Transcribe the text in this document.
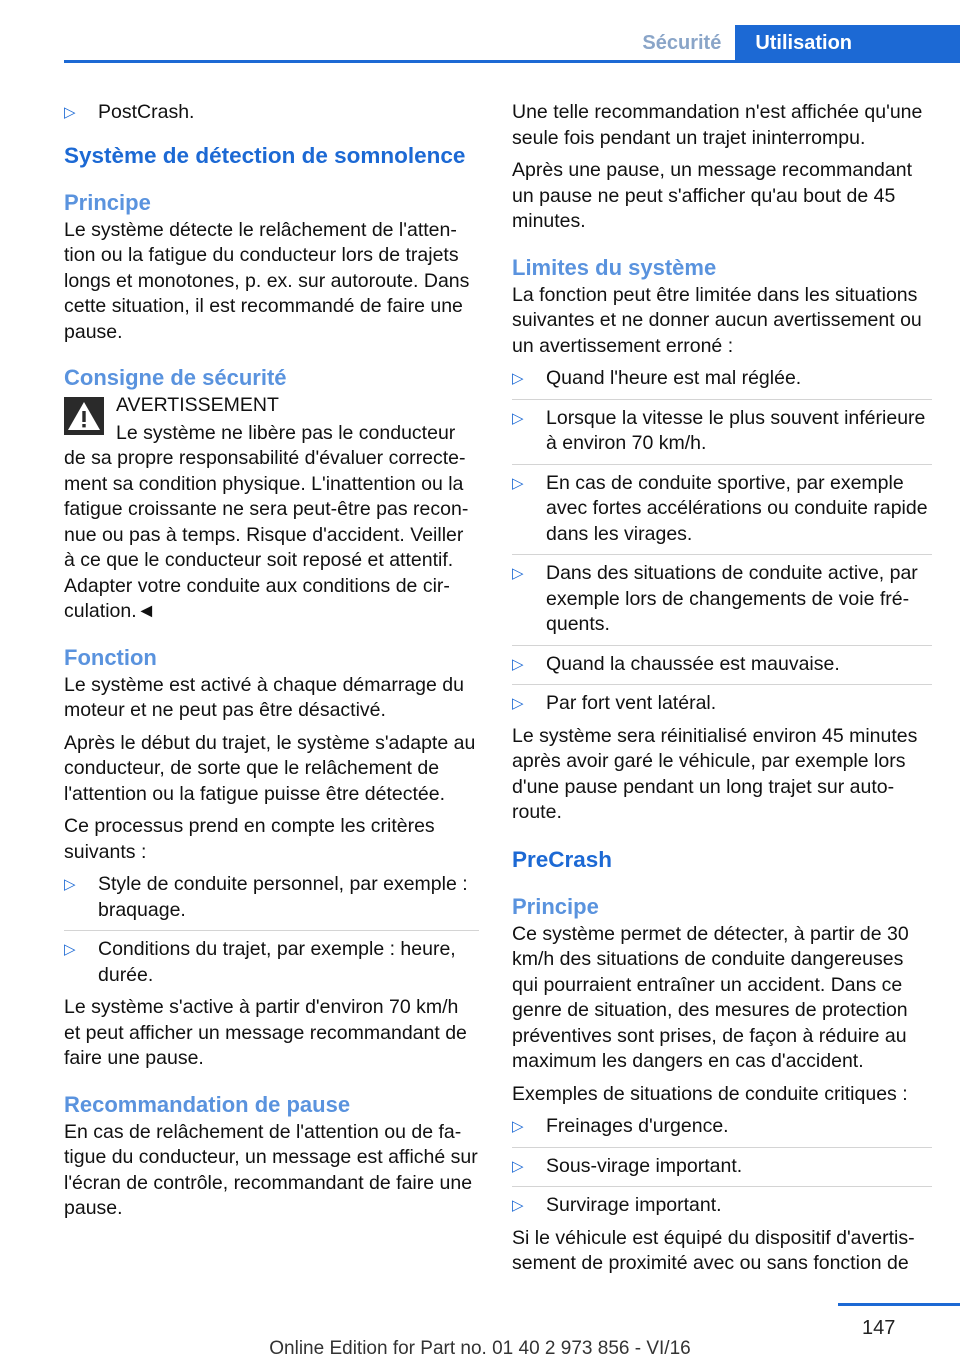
Sécurité	Utilisation
▷ PostCrash.
Système de détection de somnolence
Principe

Le système détecte le relâchement de l'attention ou la fatigue du conducteur lors de trajets longs et monotones, p. ex. sur autoroute. Dans cette situation, il est recommandé de faire une pause.

Consigne de sécurité

AVERTISSEMENT

Le système ne libère pas le conducteur de sa propre responsabilité d'évaluer correctement sa condition physique. L'inattention ou la fatigue croissante ne sera peut-être pas reconnue ou pas à temps. Risque d'accident. Veiller à ce que le conducteur soit reposé et attentif. Adapter votre conduite aux conditions de circulation.◄

Fonction

Le système est activé à chaque démarrage du moteur et ne peut pas être désactivé.

Après le début du trajet, le système s'adapte au conducteur, de sorte que le relâchement de l'attention ou la fatigue puisse être détectée.

Ce processus prend en compte les critères suivants :

▷ Style de conduite personnel, par exemple : braquage.
▷ Conditions du trajet, par exemple : heure, durée.

Le système s'active à partir d'environ 70 km/h et peut afficher un message recommandant de faire une pause.

Recommandation de pause

En cas de relâchement de l'attention ou de fatigue du conducteur, un message est affiché sur l'écran de contrôle, recommandant de faire une pause.

Une telle recommandation n'est affichée qu'une seule fois pendant un trajet ininterrompu.

Après une pause, un message recommandant un pause ne peut s'afficher qu'au bout de 45 minutes.

Limites du système

La fonction peut être limitée dans les situations suivantes et ne donner aucun avertissement ou un avertissement erroné :

▷ Quand l'heure est mal réglée.
▷ Lorsque la vitesse le plus souvent inférieure à environ 70 km/h.
▷ En cas de conduite sportive, par exemple avec fortes accélérations ou conduite rapide dans les virages.
▷ Dans des situations de conduite active, par exemple lors de changements de voie fréquents.
▷ Quand la chaussée est mauvaise.
▷ Par fort vent latéral.

Le système sera réinitialisé environ 45 minutes après avoir garé le véhicule, par exemple lors d'une pause pendant un long trajet sur autoroute.

PreCrash
Principe

Ce système permet de détecter, à partir de 30 km/h des situations de conduite dangereuses qui pourraient entraîner un accident. Dans ce genre de situation, des mesures de protection préventives sont prises, de façon à réduire au maximum les dangers en cas d'accident.

Exemples de situations de conduite critiques :

▷ Freinages d'urgence.
▷ Sous-virage important.
▷ Survirage important.

Si le véhicule est équipé du dispositif d'avertissement de proximité avec ou sans fonction de

147
Online Edition for Part no. 01 40 2 973 856 - VI/16
